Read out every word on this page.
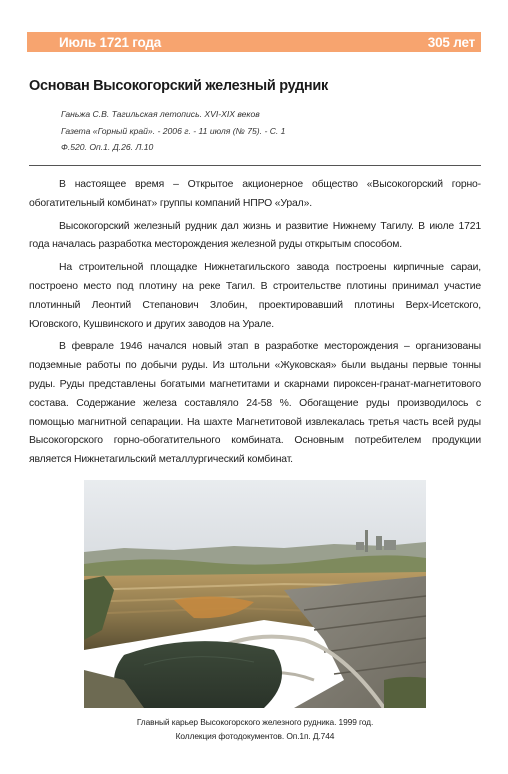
Июль 1721 года	305 лет
Основан Высокогорский железный рудник
Ганьжа С.В. Тагильская летопись. XVI-XIX веков
Газета «Горный край». - 2006 г. - 11 июля (№ 75). - С. 1
Ф.520. Оп.1. Д.26. Л.10

В настоящее время – Открытое акционерное общество «Высокогорский горно-обогатительный комбинат» группы компаний НПРО «Урал».

Высокогорский железный рудник дал жизнь и развитие Нижнему Тагилу. В июле 1721 года началась разработка месторождения железной руды открытым способом.

На строительной площадке Нижнетагильского завода построены кирпичные сараи, построено место под плотину на реке Тагил. В строительстве плотины принимал участие плотинный Леонтий Степанович Злобин, проектировавший плотины Верх-Исетского, Юговского, Кушвинского и других заводов на Урале.

В феврале 1946 началcя новый этап в разработке месторождения – организованы подземные работы по добычи руды. Из штольни «Жуковская» были выданы первые тонны руды. Руды представлены богатыми магнетитами и скарнами пироксен-гранат-магнетитового состава. Содержание железа составляло 24-58 %. Обогащение руды производилось с помощью магнитной сепарации. На шахте Магнетитовой извлекалась третья часть всей руды Высокогорского горно-обогатительного комбината. Основным потребителем продукции является Нижнетагильский металлургический комбинат.

Главный карьер Высокогорского железного рудника. 1999 год.
Коллекция фотодокументов. Оп.1п. Д.744
